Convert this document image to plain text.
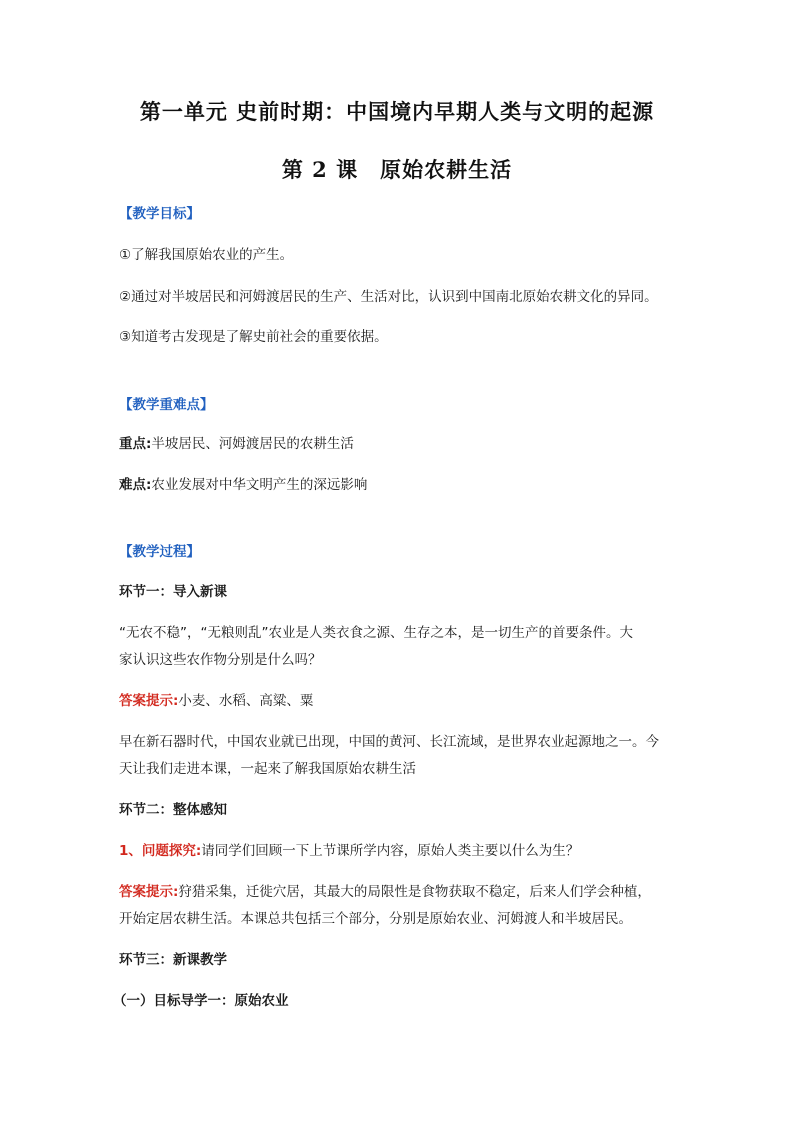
第一单元 史前时期：中国境内早期人类与文明的起源
第 2 课 原始农耕生活
【教学目标】
①了解我国原始农业的产生。
②通过对半坡居民和河姆渡居民的生产、生活对比，认识到中国南北原始农耕文化的异同。
③知道考古发现是了解史前社会的重要依据。
【教学重难点】
重点:半坡居民、河姆渡居民的农耕生活
难点:农业发展对中华文明产生的深远影响
【教学过程】
环节一：导入新课
“无农不稳”，“无粮则乱”农业是人类衣食之源、生存之本，是一切生产的首要条件。大
家认识这些农作物分别是什么吗？
答案提示:小麦、水稻、高粱、粟
早在新石器时代，中国农业就已出现，中国的黄河、长江流域，是世界农业起源地之一。今
天让我们走进本课，一起来了解我国原始农耕生活
环节二：整体感知
1、问题探究:请同学们回顾一下上节课所学内容，原始人类主要以什么为生？
答案提示:狩猎采集，迁徙穴居，其最大的局限性是食物获取不稳定，后来人们学会种植，
开始定居农耕生活。本课总共包括三个部分，分别是原始农业、河姆渡人和半坡居民。
环节三：新课教学
（一）目标导学一：原始农业
